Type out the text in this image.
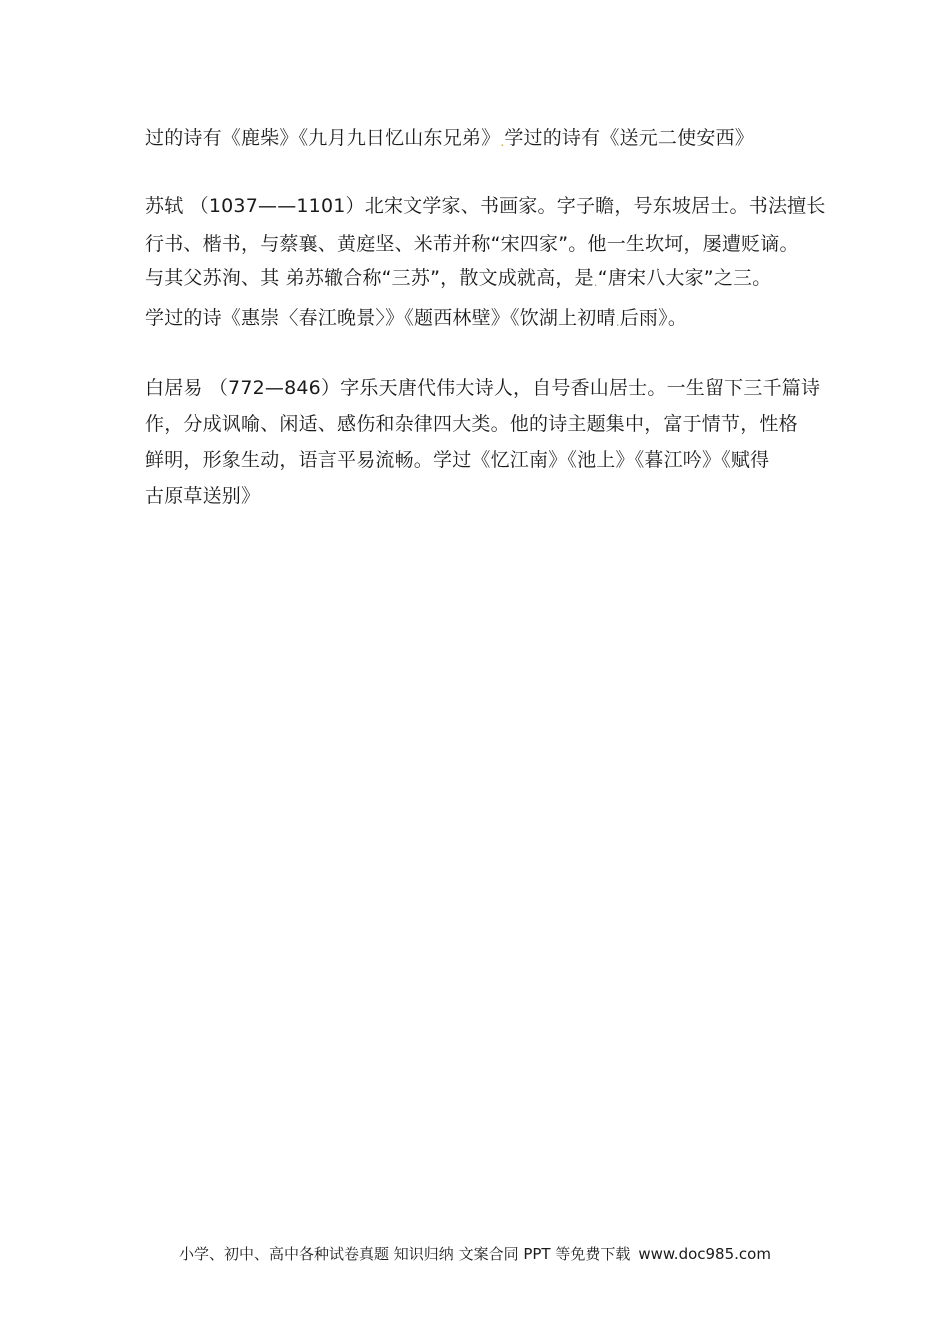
过的诗有《鹿柴》《九月九日忆山东兄弟》.学过的诗有《送元二使安西》
苏轼 （1037——1101）北宋文学家、书画家。字子瞻，号东坡居士。书法擅长
行书、楷书，与蔡襄、黄庭坚、米芾并称“宋四家”。他一生坎坷，屡遭贬谪。
与其父苏洵、其 弟苏辙合称“三苏”，散文成就高，是.“唐宋八大家”之三。
学过的诗《惠崇〈春江晚景〉》《题西林壁》《饮湖上初晴.后雨》。
白居易 （772—846）字乐天唐代伟大诗人，自号香山居士。一生留下三千篇诗
作，分成讽喻、闲适、感伤和杂律四大类。他的诗主题集中，富于情节，性格
鲜明，形象生动，语言平易流畅。学过《忆江南》《池上》《暮江吟》《赋得
古原草送别》
小学、初中、高中各种试卷真题 知识归纳 文案合同 PPT 等免费下载 www.doc985.com
